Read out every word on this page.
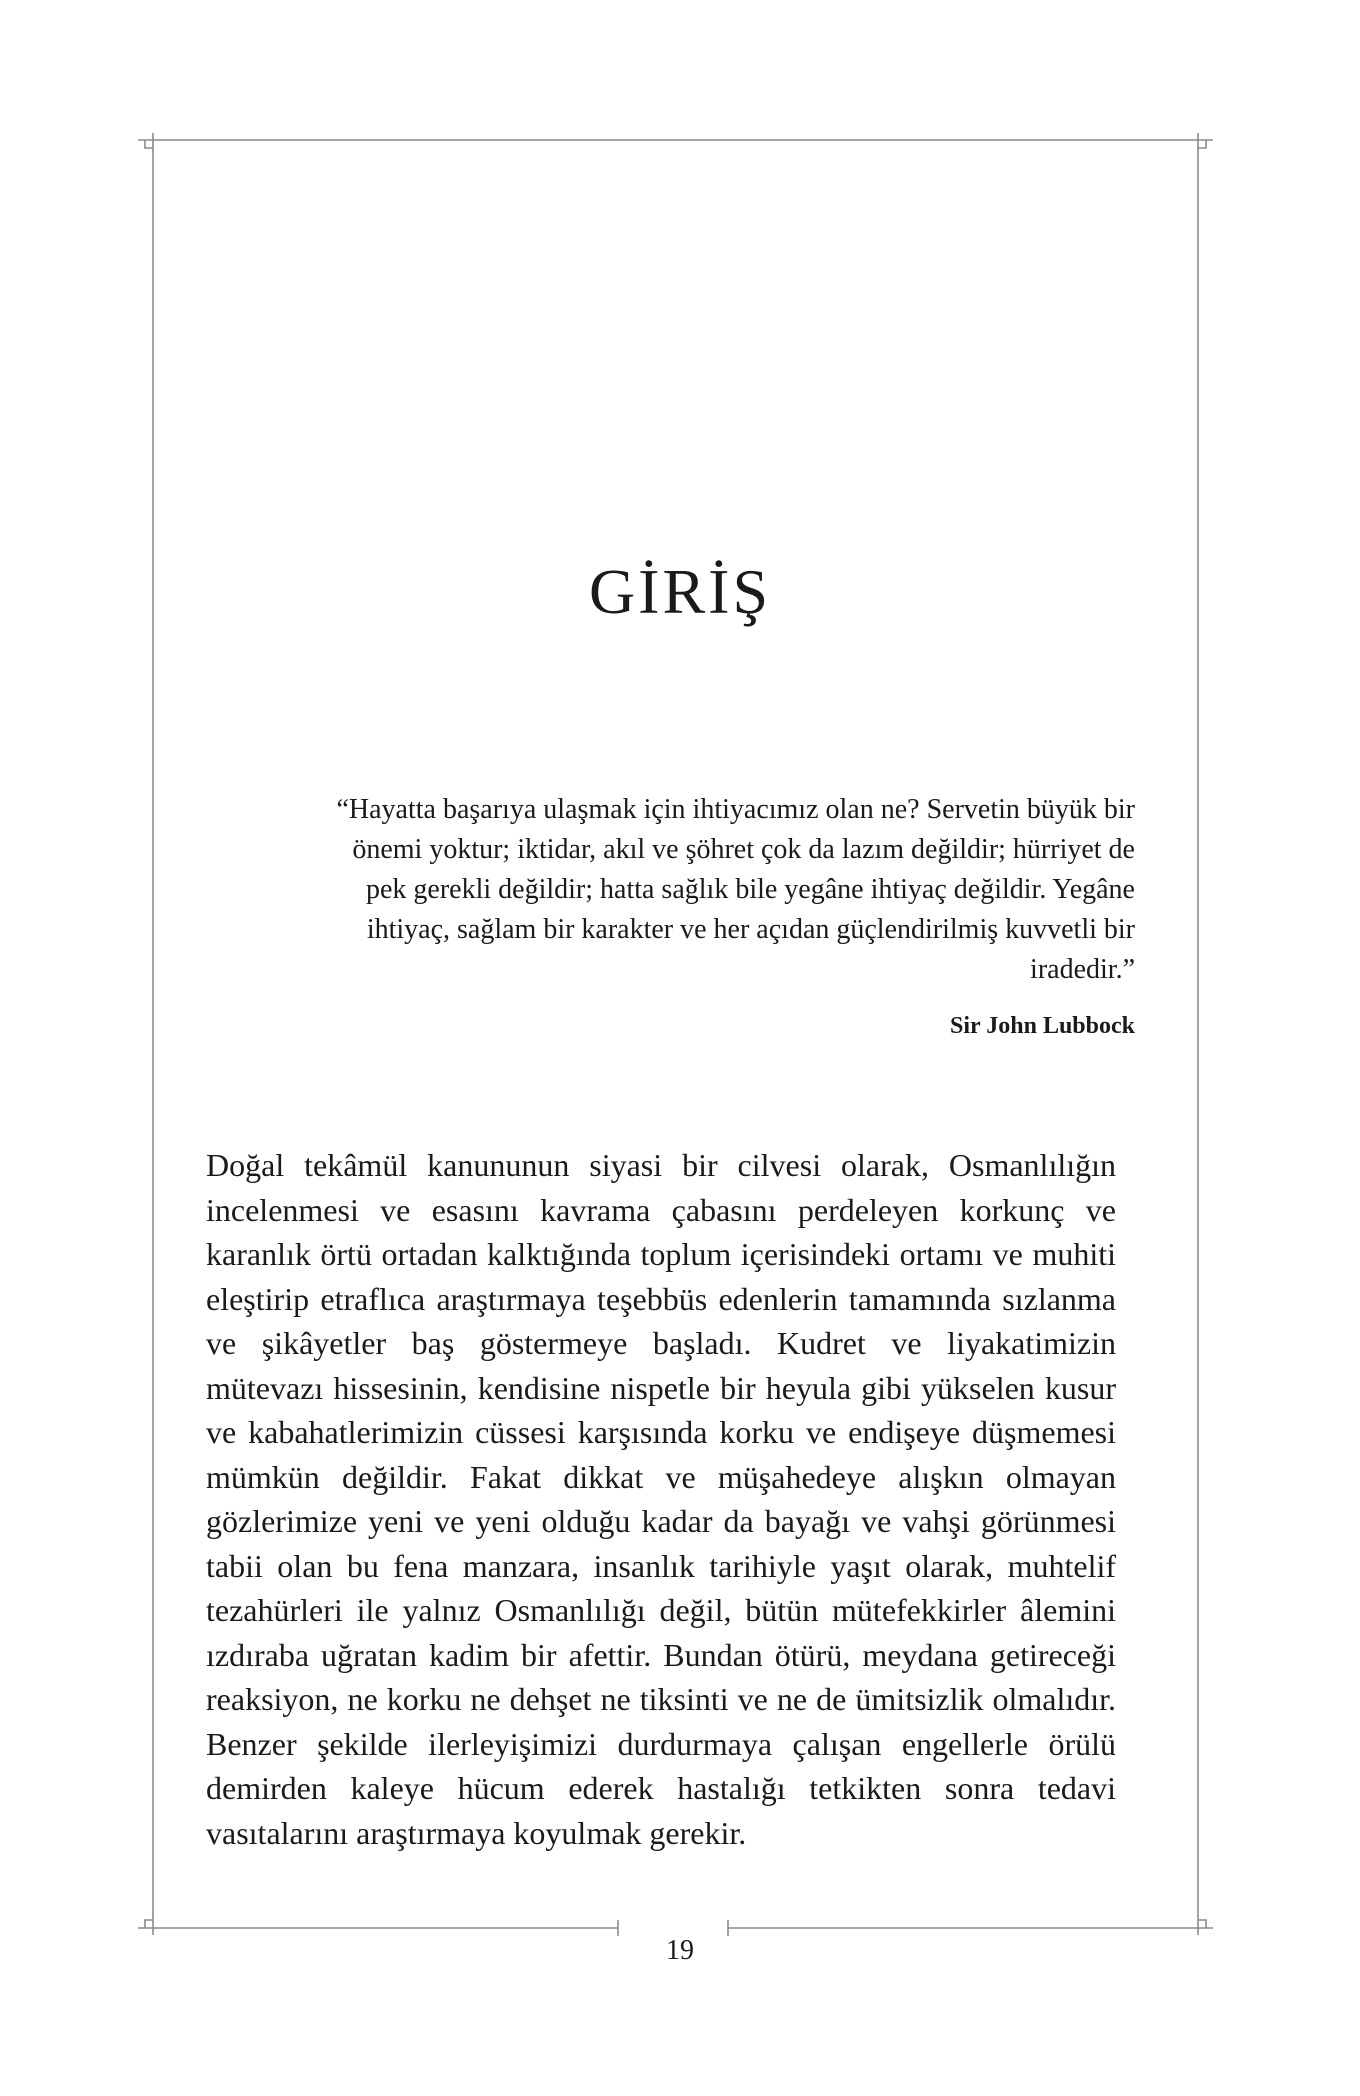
GİRİŞ

“Hayatta başarıya ulaşmak için ihtiyacımız olan ne? Servetin büyük bir önemi yoktur; iktidar, akıl ve şöhret çok da lazım değildir; hürriyet de pek gerekli değildir; hatta sağlık bile yegâne ihtiyaç değildir. Yegâne ihtiyaç, sağlam bir karakter ve her açıdan güçlendirilmiş kuvvetli bir iradedir.”

Sir John Lubbock

Doğal tekâmül kanununun siyasi bir cilvesi olarak, Osmanlılığın incelenmesi ve esasını kavrama çabasını perdeleyen korkunç ve karanlık örtü ortadan kalktığında toplum içerisindeki ortamı ve muhiti eleştirip etraflıca araştırmaya teşebbüs edenlerin tamamında sızlanma ve şikâyetler baş göstermeye başladı. Kudret ve liyakatimizin mütevazı hissesinin, kendisine nispetle bir heyula gibi yükselen kusur ve kabahatlerimizin cüssesi karşısında korku ve endişeye düşmemesi mümkün değildir. Fakat dikkat ve müşahedeye alışkın olmayan gözlerimize yeni ve yeni olduğu kadar da bayağı ve vahşi görünmesi tabii olan bu fena manzara, insanlık tarihiyle yaşıt olarak, muhtelif tezahürleri ile yalnız Osmanlılığı değil, bütün mütefekkirler âlemini ızdıraba uğratan kadim bir afettir. Bundan ötürü, meydana getireceği reaksiyon, ne korku ne dehşet ne tiksinti ve ne de ümitsizlik olmalıdır. Benzer şekilde ilerleyişimizi durdurmaya çalışan engellerle örülü demirden kaleye hücum ederek hastalığı tetkikten sonra tedavi vasıtalarını araştırmaya koyulmak gerekir.

19
